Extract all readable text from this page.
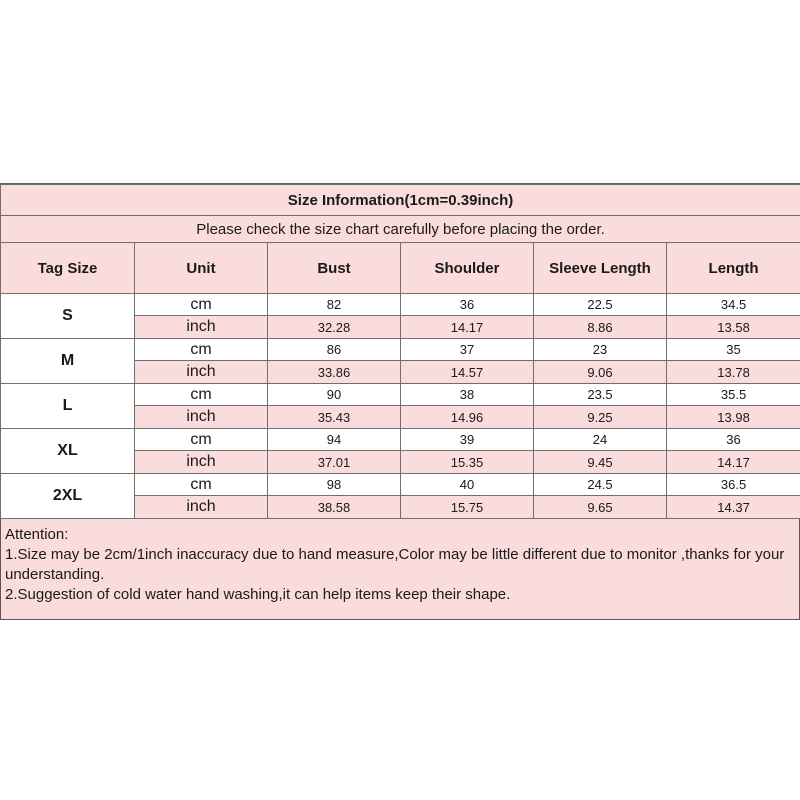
Size Information(1cm=0.39inch)					
Please check the size chart carefully before placing the order.					
Tag Size	Unit	Bust	Shoulder	Sleeve Length	Length
S	cm	82	36	22.5	34.5
	inch	32.28	14.17	8.86	13.58
M	cm	86	37	23	35
	inch	33.86	14.57	9.06	13.78
L	cm	90	38	23.5	35.5
	inch	35.43	14.96	9.25	13.98
XL	cm	94	39	24	36
	inch	37.01	15.35	9.45	14.17
2XL	cm	98	40	24.5	36.5
	inch	38.58	15.75	9.65	14.37
Attention:
1.Size may be 2cm/1inch inaccuracy due to hand measure,Color may be little different due to monitor ,thanks for your understanding.
2.Suggestion of cold water hand washing,it can help items keep their shape.
